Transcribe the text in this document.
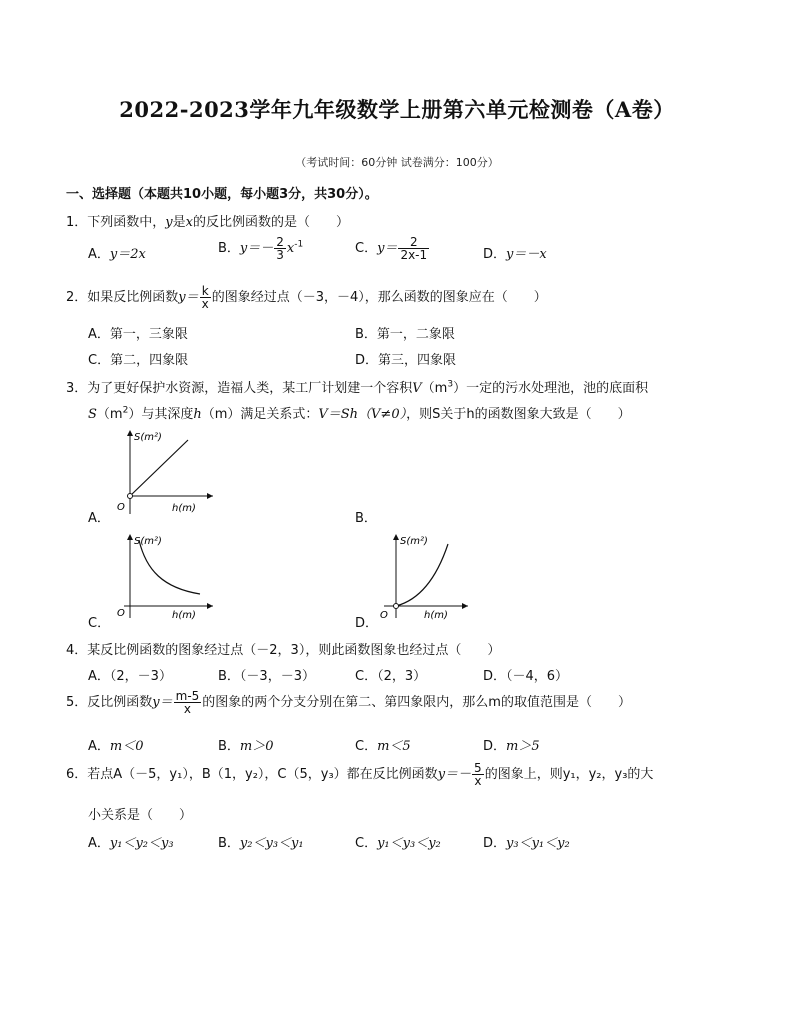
2022-2023学年九年级数学上册第六单元检测卷（A卷）
（考试时间：60分钟 试卷满分：100分）
一、选择题（本题共10小题，每小题3分，共30分）。
1．下列函数中，y是x的反比例函数的是（　　）
A．y＝2x	B．$y=- \frac{2}{3} x^{-1}$	C．$y= \frac{2}{2x-1}$	D．y＝－x
2．如果反比例函数$y= \frac{k}{x}$ 的图象经过点（－3，－4），那么函数的图象应在（　　）
A．第一，三象限	B．第一，二象限
C．第二，四象限	D．第三，四象限
3．为了更好保护水资源，造福人类，某工厂计划建一个容积$V(m^3)$一定的污水处理池，池的底面积
$S(m^2)$与其深度h（m）满足关系式：V＝Sh（V≠0），则S关于h的函数图象大致是（　　）
A．
S(m²)
h(m)
O
B．
C．
S(m²)
h(m)
O
D．
S(m²)
h(m)
O
4．某反比例函数的图象经过点（－2，3），则此函数图象也经过点（　　）
A．（2，－3）	B．（－3，－3）	C．（2，3）	D．（－4，6）
5．反比例函数$y= \frac{m-5}{x}$ 的图象的两个分支分别在第二、第四象限内，那么m的取值范围是（　　）
A．m＜0	B．m＞0	C．m＜5	D．m＞5
6．若点A（－5，y₁），B（1，y₂），C（5，y₃）都在反比例函数$y=- \frac{5}{x}$ 的图象上，则y₁，y₂，y₃的大
小关系是（　　）
A．y₁＜y₂＜y₃	B．y₂＜y₃＜y₁	C．y₁＜y₃＜y₂	D．y₃＜y₁＜y₂
